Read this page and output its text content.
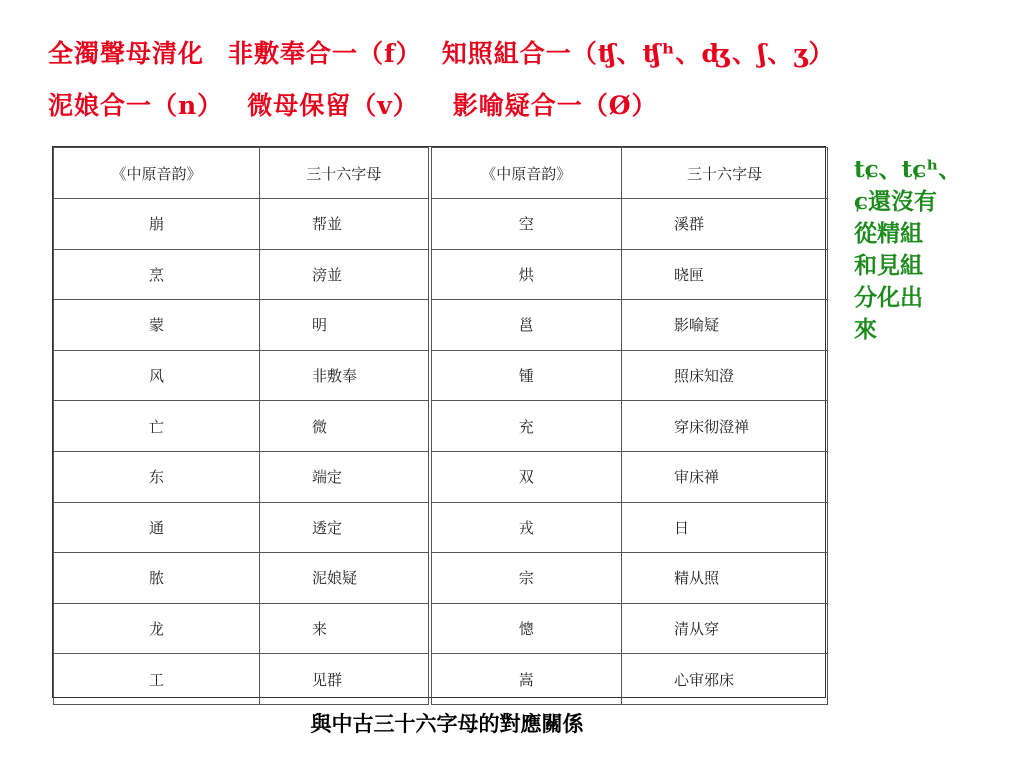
全濁聲母清化 非敷奉合一（f） 知照組合一（ʧ、ʧʰ、ʤ、ʃ、ʒ）
泥娘合一（n） 微母保留（v） 影喻疑合一（Ø）
《中原音韵》	三十六字母	《中原音韵》	三十六字母
崩	帮並	空	溪群
烹	滂並	烘	晓匣
蒙	明	邕	影喻疑
风	非敷奉	锺	照床知澄
亡	微	充	穿床彻澄禅
东	端定	双	审床禅
通	透定	戎	日
脓	泥娘疑	宗	精从照
龙	来	憁	清从穿
工	见群	嵩	心审邪床
tɕ、tɕʰ、
ɕ還沒有
從精組
和見組
分化出
來
與中古三十六字母的對應關係
